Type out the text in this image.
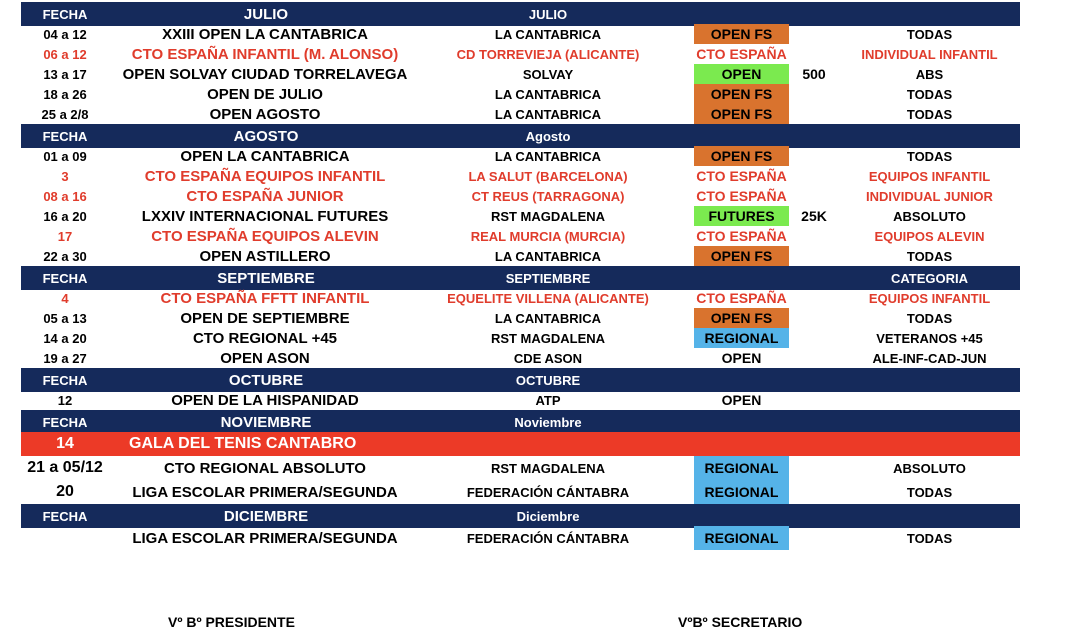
FECHA	JULIO	JULIO
04 a 12	XXIII OPEN LA CANTABRICA	LA CANTABRICA	OPEN FS	TODAS
06 a 12	CTO ESPAÑA INFANTIL (M. ALONSO)	CD TORREVIEJA (ALICANTE)	CTO ESPAÑA	INDIVIDUAL INFANTIL
13 a 17	OPEN SOLVAY CIUDAD TORRELAVEGA	SOLVAY	OPEN	500	ABS
18 a 26	OPEN DE JULIO	LA CANTABRICA	OPEN FS	TODAS
25 a 2/8	OPEN AGOSTO	LA CANTABRICA	OPEN FS	TODAS
FECHA	AGOSTO	Agosto
01 a 09	OPEN LA CANTABRICA	LA CANTABRICA	OPEN FS	TODAS
3	CTO ESPAÑA EQUIPOS INFANTIL	LA SALUT (BARCELONA)	CTO ESPAÑA	EQUIPOS INFANTIL
08 a 16	CTO ESPAÑA JUNIOR	CT REUS (TARRAGONA)	CTO ESPAÑA	INDIVIDUAL JUNIOR
16 a 20	LXXIV INTERNACIONAL FUTURES	RST MAGDALENA	FUTURES	25K	ABSOLUTO
17	CTO ESPAÑA EQUIPOS ALEVIN	REAL MURCIA (MURCIA)	CTO ESPAÑA	EQUIPOS ALEVIN
22 a 30	OPEN ASTILLERO	LA CANTABRICA	OPEN FS	TODAS
FECHA	SEPTIEMBRE	SEPTIEMBRE	CATEGORIA
4	CTO ESPAÑA FFTT INFANTIL	EQUELITE VILLENA (ALICANTE)	CTO ESPAÑA	EQUIPOS INFANTIL
05 a 13	OPEN DE SEPTIEMBRE	LA CANTABRICA	OPEN FS	TODAS
14 a 20	CTO REGIONAL +45	RST MAGDALENA	REGIONAL	VETERANOS +45
19 a 27	OPEN ASON	CDE ASON	OPEN	ALE-INF-CAD-JUN
FECHA	OCTUBRE	OCTUBRE
12	OPEN DE LA HISPANIDAD	ATP	OPEN
FECHA	NOVIEMBRE	Noviembre
14	GALA DEL TENIS CANTABRO
21 a 05/12	CTO REGIONAL ABSOLUTO	RST MAGDALENA	REGIONAL	ABSOLUTO
20	LIGA ESCOLAR PRIMERA/SEGUNDA	FEDERACIÓN CÁNTABRA	REGIONAL	TODAS
FECHA	DICIEMBRE	Diciembre
LIGA ESCOLAR PRIMERA/SEGUNDA	FEDERACIÓN CÁNTABRA	REGIONAL	TODAS
Vº Bº PRESIDENTE	VºBº SECRETARIO
